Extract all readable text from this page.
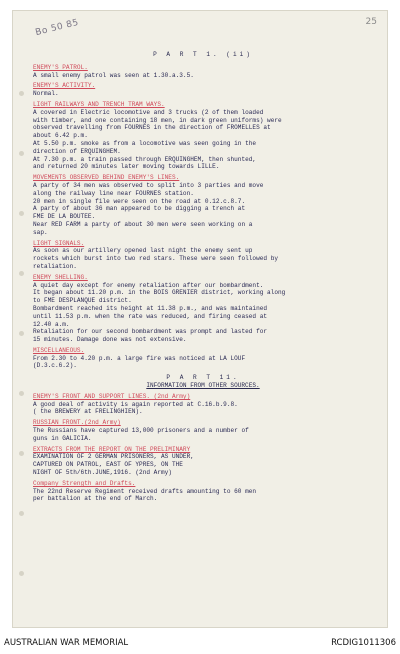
Bo 50 85	25
P A R T 1. (ii)
ENEMY'S PATROL.
A small enemy patrol was seen at 1.30.a.3.5.
ENEMY'S ACTIVITY.
Normal.
LIGHT RAILWAYS AND TRENCH TRAM WAYS.
A covered in Electric locomotive and 3 trucks (2 of them loaded
with timber, and one containing 18 men, in dark green uniforms) were
observed travelling from FOURNES in the direction of FROMELLES at
about 6.42 p.m.
At 5.50 p.m. smoke as from a locomotive was seen going in the
direction of ERQUINGHEM.
At 7.30 p.m. a train passed through ERQUINGHEM, then shunted,
and returned 20 minutes later moving towards LILLE.
MOVEMENTS OBSERVED BEHIND ENEMY'S LINES.
A party of 34 men was observed to split into 3 parties and move
along the railway line near FOURNES station.
20 men in single file were seen on the road at 0.12.c.8.7.
A party of about 36 man appeared to be digging a trench at
FME DE LA BOUTEE.
Near RED FARM a party of about 30 men were seen working on a
sap.
LIGHT SIGNALS.
As soon as our artillery opened last night the enemy sent up
rockets which burst into two red stars. These were seen followed by
retaliation.
ENEMY SHELLING.
A quiet day except for enemy retaliation after our bombardment.
It began about 11.20 p.m. in the BOIS GRENIER district, working along
to FME DESPLANQUE district.
Bombardment reached its height at 11.38 p.m., and was maintained
until 11.53 p.m. when the rate was reduced, and firing ceased at
12.40 a.m.
Retaliation for our second bombardment was prompt and lasted for
15 minutes. Damage done was not extensive.
MISCELLANEOUS.
From 2.30 to 4.20 p.m. a large fire was noticed at LA LOUF
(D.3.c.6.2).
P A R T 11.
INFORMATION FROM OTHER SOURCES.
ENEMY'S FRONT AND SUPPORT LINES. (2nd Army)
A good deal of activity is again reported at C.16.b.9.8.
( the BREWERY at FRELINGHIEN).
RUSSIAN FRONT.(2nd Army)
The Russians have captured 13,000 prisoners and a number of
guns in GALICIA.
EXTRACTS FROM THE REPORT ON THE PRELIMINARY
EXAMINATION OF 2 GERMAN PRISONERS, AS UNDER,
CAPTURED ON PATROL, EAST OF YPRES, ON THE
NIGHT OF 5th/6th.JUNE,1916. (2nd Army)
Company Strength and Drafts.
The 22nd Reserve Regiment received drafts amounting to 60 men
per battalion at the end of March.
AUSTRALIAN WAR MEMORIAL	RCDIG1011306
